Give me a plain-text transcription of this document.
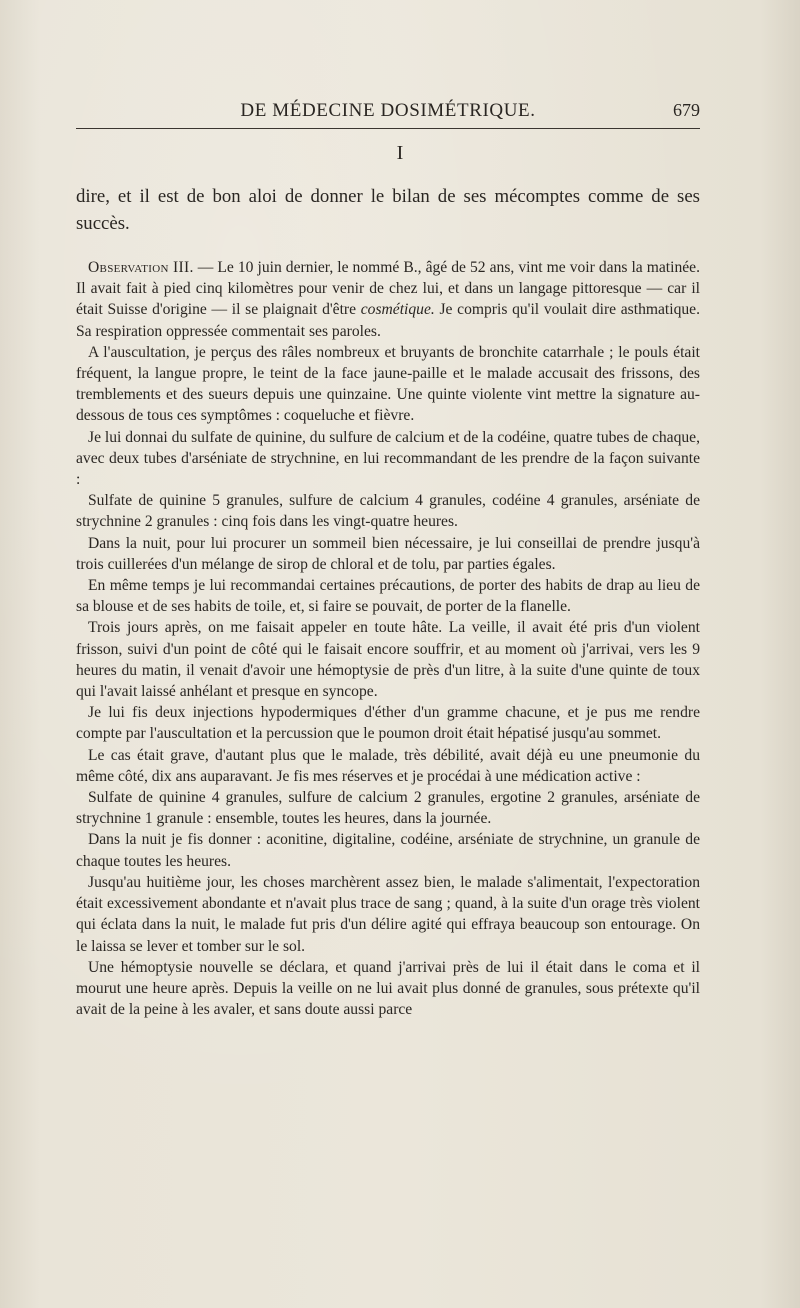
DE MÉDECINE DOSIMÉTRIQUE.	679
I

dire, et il est de bon aloi de donner le bilan de ses mécomptes comme de ses succès.

Observation III. — Le 10 juin dernier, le nommé B., âgé de 52 ans, vint me voir dans la matinée. Il avait fait à pied cinq kilomètres pour venir de chez lui, et dans un langage pittoresque — car il était Suisse d'origine — il se plaignait d'être cosmétique. Je compris qu'il voulait dire asthmatique. Sa respiration oppressée commentait ses paroles.

A l'auscultation, je perçus des râles nombreux et bruyants de bronchite catarrhale ; le pouls était fréquent, la langue propre, le teint de la face jaune-paille et le malade accusait des frissons, des tremblements et des sueurs depuis une quinzaine. Une quinte violente vint mettre la signature au-dessous de tous ces symptômes : coqueluche et fièvre.

Je lui donnai du sulfate de quinine, du sulfure de calcium et de la codéine, quatre tubes de chaque, avec deux tubes d'arséniate de strychnine, en lui recommandant de les prendre de la façon suivante :

Sulfate de quinine 5 granules, sulfure de calcium 4 granules, codéine 4 granules, arséniate de strychnine 2 granules : cinq fois dans les vingt-quatre heures.

Dans la nuit, pour lui procurer un sommeil bien nécessaire, je lui conseillai de prendre jusqu'à trois cuillerées d'un mélange de sirop de chloral et de tolu, par parties égales.

En même temps je lui recommandai certaines précautions, de porter des habits de drap au lieu de sa blouse et de ses habits de toile, et, si faire se pouvait, de porter de la flanelle.

Trois jours après, on me faisait appeler en toute hâte. La veille, il avait été pris d'un violent frisson, suivi d'un point de côté qui le faisait encore souffrir, et au moment où j'arrivai, vers les 9 heures du matin, il venait d'avoir une hémoptysie de près d'un litre, à la suite d'une quinte de toux qui l'avait laissé anhélant et presque en syncope.

Je lui fis deux injections hypodermiques d'éther d'un gramme chacune, et je pus me rendre compte par l'auscultation et la percussion que le poumon droit était hépatisé jusqu'au sommet.

Le cas était grave, d'autant plus que le malade, très débilité, avait déjà eu une pneumonie du même côté, dix ans auparavant. Je fis mes réserves et je procédai à une médication active :

Sulfate de quinine 4 granules, sulfure de calcium 2 granules, ergotine 2 granules, arséniate de strychnine 1 granule : ensemble, toutes les heures, dans la journée.

Dans la nuit je fis donner : aconitine, digitaline, codéine, arséniate de strychnine, un granule de chaque toutes les heures.

Jusqu'au huitième jour, les choses marchèrent assez bien, le malade s'alimentait, l'expectoration était excessivement abondante et n'avait plus trace de sang ; quand, à la suite d'un orage très violent qui éclata dans la nuit, le malade fut pris d'un délire agité qui effraya beaucoup son entourage. On le laissa se lever et tomber sur le sol.

Une hémoptysie nouvelle se déclara, et quand j'arrivai près de lui il était dans le coma et il mourut une heure après. Depuis la veille on ne lui avait plus donné de granules, sous prétexte qu'il avait de la peine à les avaler, et sans doute aussi parce
